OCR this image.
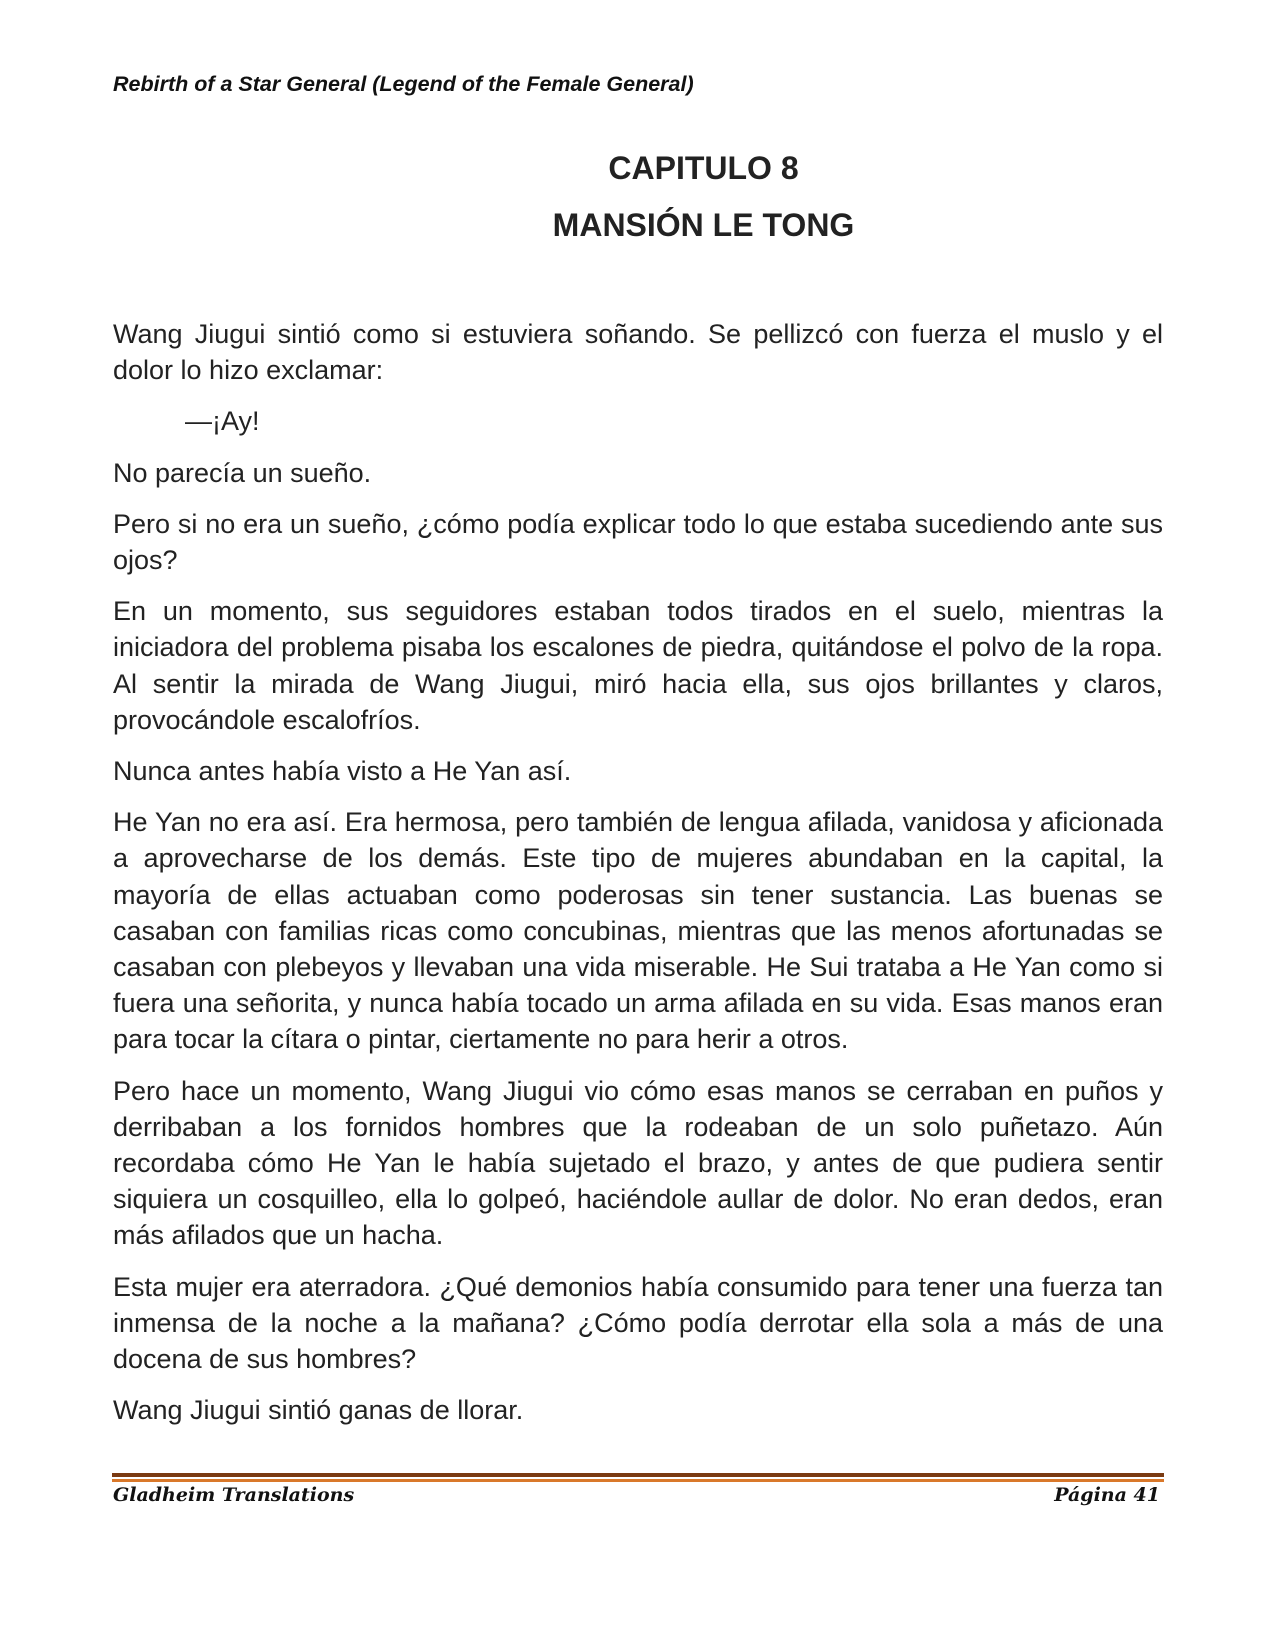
Rebirth of a Star General (Legend of the Female General)
CAPITULO 8
MANSIÓN LE TONG

Wang Jiugui sintió como si estuviera soñando. Se pellizcó con fuerza el muslo y el dolor lo hizo exclamar:

—¡Ay!

No parecía un sueño.

Pero si no era un sueño, ¿cómo podía explicar todo lo que estaba sucediendo ante sus ojos?

En un momento, sus seguidores estaban todos tirados en el suelo, mientras la iniciadora del problema pisaba los escalones de piedra, quitándose el polvo de la ropa. Al sentir la mirada de Wang Jiugui, miró hacia ella, sus ojos brillantes y claros, provocándole escalofríos.

Nunca antes había visto a He Yan así.

He Yan no era así. Era hermosa, pero también de lengua afilada, vanidosa y aficionada a aprovecharse de los demás. Este tipo de mujeres abundaban en la capital, la mayoría de ellas actuaban como poderosas sin tener sustancia. Las buenas se casaban con familias ricas como concubinas, mientras que las menos afortunadas se casaban con plebeyos y llevaban una vida miserable. He Sui trataba a He Yan como si fuera una señorita, y nunca había tocado un arma afilada en su vida. Esas manos eran para tocar la cítara o pintar, ciertamente no para herir a otros.

Pero hace un momento, Wang Jiugui vio cómo esas manos se cerraban en puños y derribaban a los fornidos hombres que la rodeaban de un solo puñetazo. Aún recordaba cómo He Yan le había sujetado el brazo, y antes de que pudiera sentir siquiera un cosquilleo, ella lo golpeó, haciéndole aullar de dolor. No eran dedos, eran más afilados que un hacha.

Esta mujer era aterradora. ¿Qué demonios había consumido para tener una fuerza tan inmensa de la noche a la mañana? ¿Cómo podía derrotar ella sola a más de una docena de sus hombres?

Wang Jiugui sintió ganas de llorar.

Gladheim Translations	Página 41
